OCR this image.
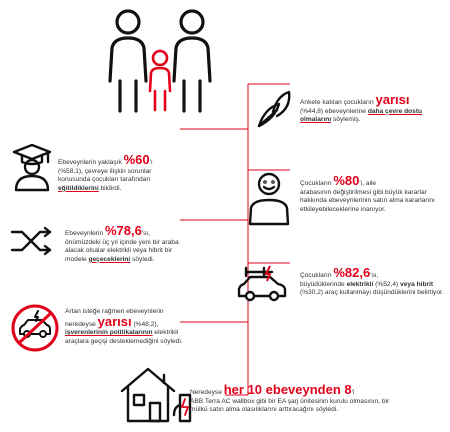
Ankete katılan çocukların yarısı
(%44,8) ebeveynlerine daha çevre dostu olmalarını söylemiş.
Ebeveynlerin yaklaşık %60'ı
(%58,1), çevreye ilişkin sorunlar konusunda çocukları tarafından eğitildiklerini bildirdi.
Çocukların %80'i, aile
arabasının değiştirilmesi gibi büyük kararlar hakkında ebeveynlerinin satın alma kararlarını etkileyebileceklerine inanıyor.
Ebeveynlerin %78,6'sı,
önümüzdeki üç yıl içinde yeni bir araba alacak olsalar elektrikli veya hibrit bir modele geçeceklerini söyledi.
Çocukların %82,6'sı,
büyüdüklerinde elektrikli (%52,4) veya hibrit (%30,2) araç kullanmayı düşündüklerini belirtiyor.
Artan isteğe rağmen ebeveynlerin
neredeyse yarısı (%48,2),
işverenlerinin politikalarının elektrikli araçlara geçişi desteklemediğini söyledi.
Neredeyse her 10 ebeveynden 8'i
ABB Terra AC wallbox gibi bir EA şarj ünitesinin kurulu olmasının, bir mülkü satın alma olasılıklarını arttıracağını söyledi.
